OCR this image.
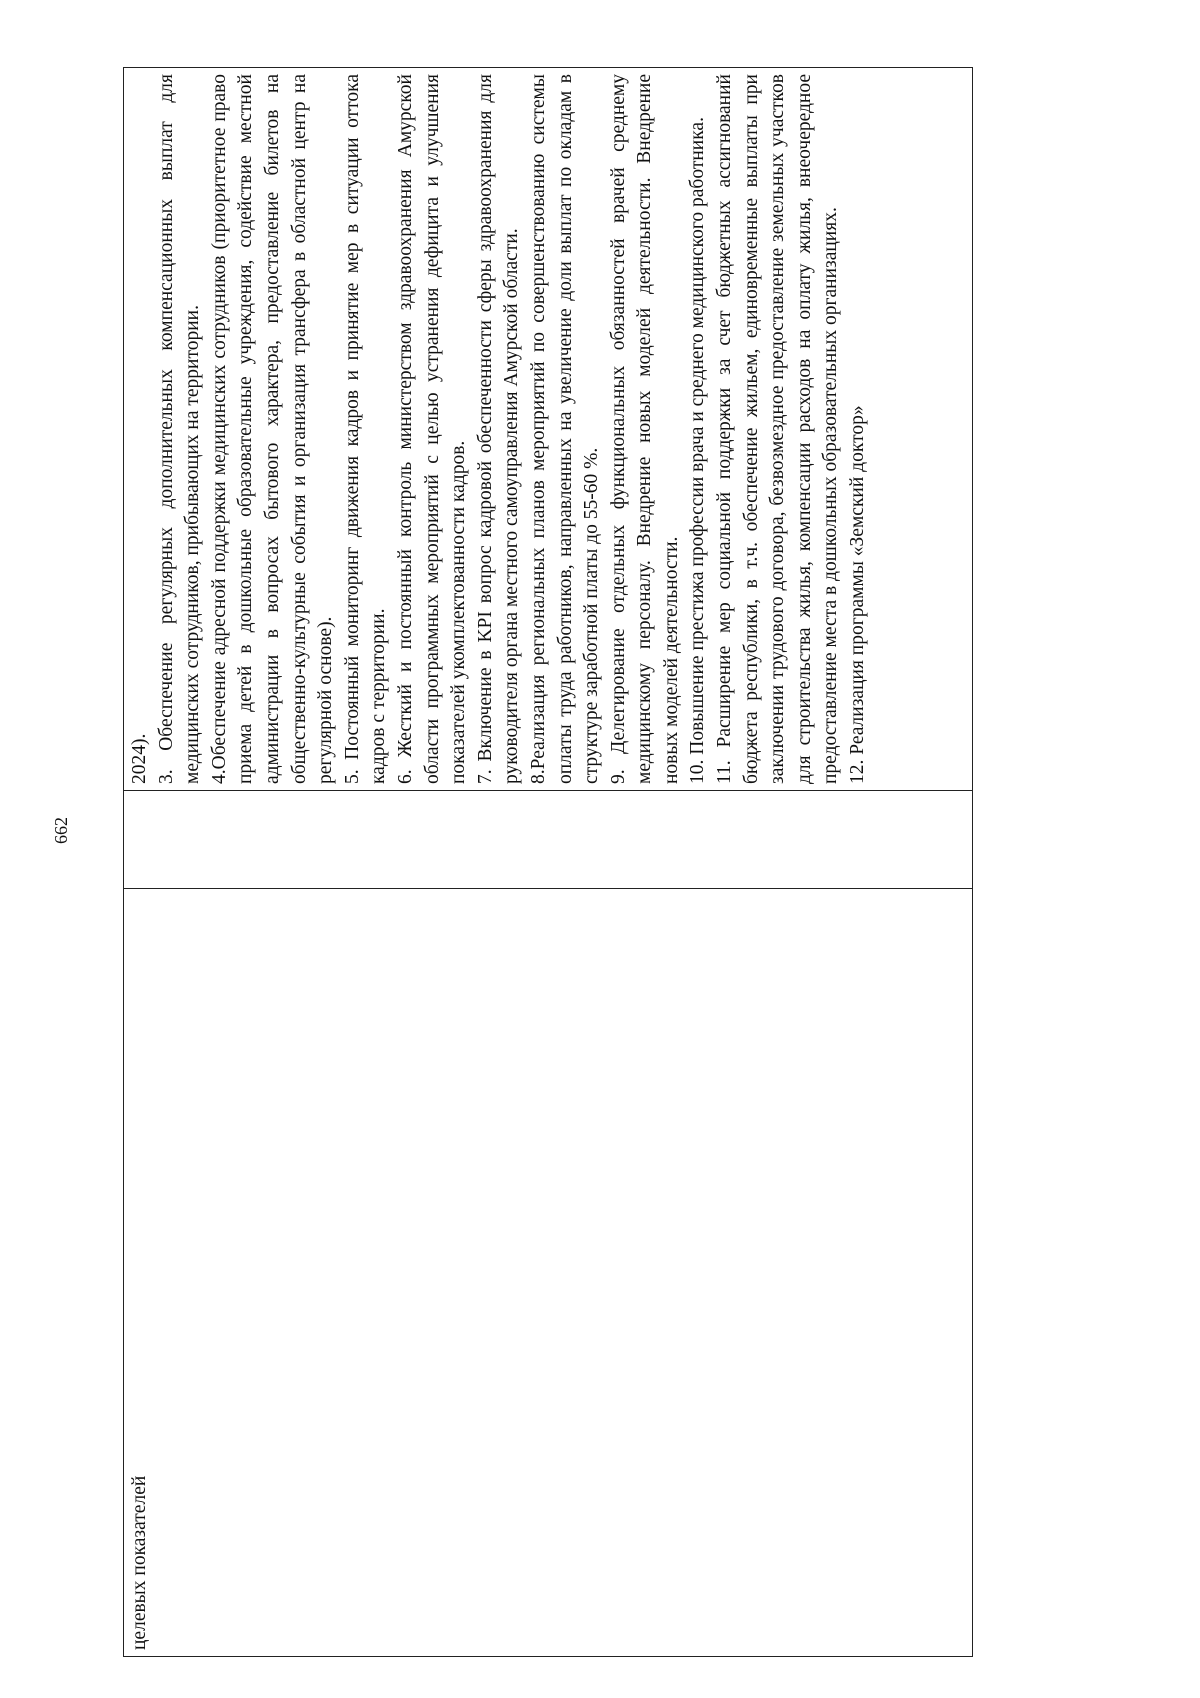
662
целевых показателей		

2024). 3. Обеспечение регулярных дополнительных компенсационных выплат для медицинских сотрудников, прибывающих на территории. 4.Обеспечение адресной поддержки медицинских сотрудников (приоритетное право приема детей в дошкольные образовательные учреждения, содействие местной администрации в вопросах бытового характера, предоставление билетов на общественно-культурные события и организация трансфера в областной центр на регулярной основе). 5. Постоянный мониторинг движения кадров и принятие мер в ситуации оттока кадров с территории. 6. Жесткий и постоянный контроль министерством здравоохранения Амурской области программных мероприятий с целью устранения дефицита и улучшения показателей укомплектованности кадров. 7. Включение в KPI вопрос кадровой обеспеченности сферы здравоохранения для руководителя органа местного самоуправления Амурской области. 8.Реализация региональных планов мероприятий по совершенствованию системы оплаты труда работников, направленных на увеличение доли выплат по окладам в структуре заработной платы до 55-60 %. 9. Делегирование отдельных функциональных обязанностей врачей среднему медицинскому персоналу. Внедрение новых моделей деятельности. Внедрение новых моделей деятельности. 10. Повышение престижа профессии врача и среднего медицинского работника. 11. Расширение мер социальной поддержки за счет бюджетных ассигнований бюджета республики, в т.ч. обеспечение жильем, единовременные выплаты при заключении трудового договора, безвозмездное предоставление земельных участков для строительства жилья, компенсации расходов на оплату жилья, внеочередное предоставление места в дошкольных образовательных организациях. 12. Реализация программы «Земский доктор»
